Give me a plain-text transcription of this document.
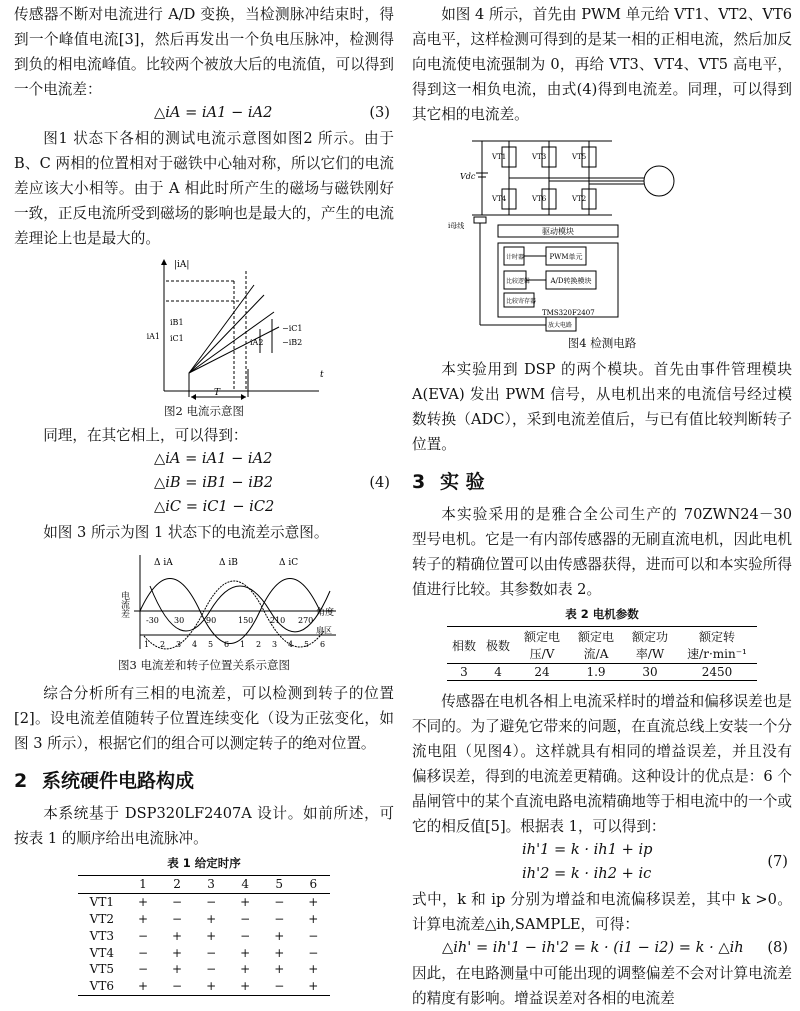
传感器不断对电流进行 A/D 变换，当检测脉冲结束时，得到一个峰值电流[3]，然后再发出一个负电压脉冲，检测得到负的相电流峰值。比较两个被放大后的电流值，可以得到一个电流差：

△iA = iA1 − iA2	(3)

图1 状态下各相的测试电流示意图如图2 所示。由于 B、C 两相的位置相对于磁铁中心轴对称，所以它们的电流差应该大小相等。由于 A 相此时所产生的磁场与磁铁刚好一致，正反电流所受到磁场的影响也是最大的，产生的电流差理论上也是最大的。

|iA|
t
iA1
iB1
iC1
−iC1
−iB2
iA2
T
图2 电流示意图

同理，在其它相上，可以得到：

△iA = iA1 − iA2
△iB = iB1 − iB2	(4)
△iC = iC1 − iC2

如图 3 所示为图 1 状态下的电流差示意图。

电流差
Δ iA	Δ iB	Δ iC
-30 30	90	150 210 270
角度
扇区
1 2 3 4 5 6 1 2 3 4 5 6
图3 电流差和转子位置关系示意图

综合分析所有三相的电流差，可以检测到转子的位置[2]。设电流差值随转子位置连续变化（设为正弦变化，如图 3 所示），根据它们的组合可以测定转子的绝对位置。

2 系统硬件电路构成

本系统基于 DSP320LF2407A 设计。如前所述，可按表 1 的顺序给出电流脉冲。

表 1 给定时序
	1	2	3	4	5	6
VT1	+	−	−	+	−	+
VT2	+	−	+	−	−	+
VT3	−	+	+	−	+	−
VT4	−	+	−	+	+	−
VT5	−	+	−	+	+	+
VT6	+	−	+	+	−	+

如图 4 所示，首先由 PWM 单元给 VT1、VT2、VT6 高电平，这样检测可得到的是某一相的正相电流，然后加反向电流使电流强制为 0，再给 VT3、VT4、VT5 高电平，得到这一相负电流，由式(4)得到电流差。同理，可以得到其它相的电流差。

VT1	VT3	VT5
VT4	VT6	VT2
Vdc
i母线
驱动模块
计时器	PWM单元
比较逻辑	A/D转换模块
比较寄存器
TMS320F2407
放大电路
图4 检测电路

本实验用到 DSP 的两个模块。首先由事件管理模块 A(EVA) 发出 PWM 信号，从电机出来的电流信号经过模数转换（ADC），采到电流差值后，与已有值比较判断转子位置。

3 实 验

本实验采用的是雅合全公司生产的 70ZWN24－30 型号电机。它是一有内部传感器的无刷直流电机，因此电机转子的精确位置可以由传感器获得，进而可以和本实验所得值进行比较。其参数如表 2。

表 2 电机参数
相数	极数	额定电压/V	额定电流/A	额定功率/W	额定转速/r·min⁻¹
3	4	24	1.9	30	2450

传感器在电机各相上电流采样时的增益和偏移误差也是不同的。为了避免它带来的问题，在直流总线上安装一个分流电阻（见图4）。这样就具有相同的增益误差，并且没有偏移误差，得到的电流差更精确。这种设计的优点是：6 个晶闸管中的某个直流电路电流精确地等于相电流中的一个或它的相反值[5]。根据表 1，可以得到：

ih'1 = k · ih1 + ip
(7)
ih'2 = k · ih2 + ic

式中，k 和 ip 分别为增益和电流偏移误差，其中 k >0。计算电流差△ih,SAMPLE，可得：

△ih' = ih'1 − ih'2 = k · (i1 − i2) = k · △ih (8)

因此，在电路测量中可能出现的调整偏差不会对计算电流差的精度有影响。增益误差对各相的电流差
